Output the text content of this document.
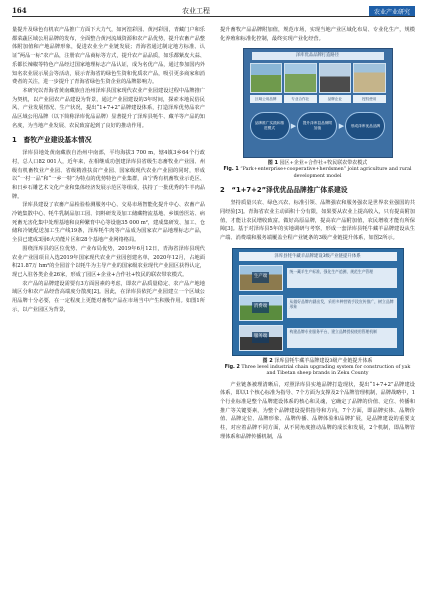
164	农业工程	农业产业研究

量提升及绿色有机农产品推广方面下大力气，如河湟彩园、黄河彩园，青藏门户和乐都菜蔬区域公用品牌的发布，全面整合黄河流域资源和农产品优势，提升农畜产品整体附加值和产地品牌形象，促进农业全产业链发展；青海省通过制定地方标准、认证“两品一标”农产品，注册农产品商标等方式，提升农产品品质，如乐都紫皮大蒜、乐都长辣椒等特色产品经过国家地理标志产品认证，成为名优产品，通过参加国内外知名农业展示展会等活动，展示青海省的绿色生资和优质农产品，吸引更多商家和消费者的关注，进一步提升了青海省绿色生资企业的品牌影响力。

本研究以青海省黄南藏族自治州泽库县国家现代农业产业园建设过程中品牌推广为契机，以产业园农产品建设为背景，通过产业园建设的3年时间，探索本地民俗民风、产业发展情况、生产状况，提出“1+7+2”品牌建设体系，打造泽库优势品农产品区域公用品牌（以下简称泽库优品品牌）显著提升了泽库县牦牛、藏羊等产品的知名度，为当地产业发展、农民致富起到了良好的推动作用。

1　畜牧产业建设基本情况

泽库县地处黄南藏族自治州中南部，平均海拔3 700 m，辖4镇3乡64个行政村，总人口82 001人，近年来，在相继成功创建泽库县省级生态畜牧业产业园、州级有机畜牧业产业园、省级精准扶贫产业园、国家级现代农业产业园的同时，形成以“一村一品”和“一乡一特”为特点的优势特色产业集群，由宁秀有机畜牧业示范区、和日乡石雕艺术文化产业和集体经济发展示范区等组成，扶持了一批优秀的牛羊肉品牌。

泽库县建设了农畜产品检验检测服务中心、交易市场智能化提升中心、农畜产品冷链集散中心、牦牛乳制品加工园、饲料研发及加工储藏物流基地、乡镇兽医站、病死畜无害化集中处理基地和良种繁育中心等设施35 000 m²，建成集研发、加工、仓储和冷链配送加工生产线19条，泽库牦牛肉等产品成为国家农产品地理标志产品，全县已建成3园6大功能片区和28个基地产业网络格局。

围绕泽库县的区位优势、产业布局优势，2019年6月12日，青海省泽库县现代农业产业园项目入选2019年国家现代农业产业园创建名单，2020年12月，占地面积21.87万 hm²的全园首个以牦牛为主导产业的国家级农业现代产业园区获得认定，现已入驻各类企业26家，形成了园区+企业+合作社+牧民的联农带农模式。

农产品的品牌建设需要有3方面因素的考虑，即农产品质量稳定、农产品产地地域区分和农产品经营高端度分散度[2]。因此，在泽库县依托产业园建立一个区域公用品牌十分必要，在一定程度上更能对畜牧产品在市场当中产生积极作用。如图1所示，以产业园区为背景，

提升畜牧产品品牌附加值，规范市场，实现当地产业区域化布局、专业化生产，规模化养殖和标准化控制，最终实现产业化经营。

泽库优品品牌打造路径
区域公用品牌	专业合作社	品牌企业	授权使用
品牌推广实践和推进模式	▶	提升泽库县品牌附加值	▶	形成泽库优品品牌
图 1 园区+企业+合作社+牧民联农带农模式
Fig. 1 “Park+enterprise+cooperative+herdsmen” joint agriculture and rural development model
2　“1+7+2”泽优优品品牌推广体系建设

坚持质量兴农、绿色兴农、标准引领、品牌强农和服务强农是世界农业强国的共同经验[3]。青海省农业主动面积十分有限，如果要从农业上提高收入，只有提高附加值，才能让农民增收致富。做好高原品牌，提高农产品附加值，农民增收才能有所保障[3]。基于对泽库县5年的实地调研与考察，形成一套泽库县牦牛藏羊品牌建设从生产端、消费端和服务端覆盖全程产业链条的3级产业链提升体系，如图2所示。

泽库县牦牛藏羊品牌建设3级产业链提升体系
生产端
统一藏羊生产标准，强化生产追溯，规范生产管理
消费端
从做好品牌内涵出发，采用多种营销手段宣传推广，树立品牌形象
服务端
构建品牌专业服务平台，建立品牌授权使用管理机制
图 2 泽库县牦牛藏羊品牌建设3级产业链提升体系
Fig. 2 Three level industrial chain upgrading system for construction of yak and Tibetan sheep brands in Zeku County

产业链条被理清晰后，对照泽库县实地品牌打造现状，提出“1+7+2”品牌建设体系，即以1个核心标准为指导、7个方面为支撑及2个品牌管理机制，品牌战略中，1个行业标准是整个品牌建设体系的核心和灵魂，它确定了品牌的价值、定位、传播和推广等关键要素，为整个品牌建设提供指导和方向，7个方面，即品牌实体、品牌价值、品牌定位、品牌形象、品牌传播、品牌体验和品牌扩展，是品牌建设的重要支柱，对应着品牌不同方面，从不同角度推动品牌的成长和发展，2个机制，即品牌管理体系和品牌传播机制，品
